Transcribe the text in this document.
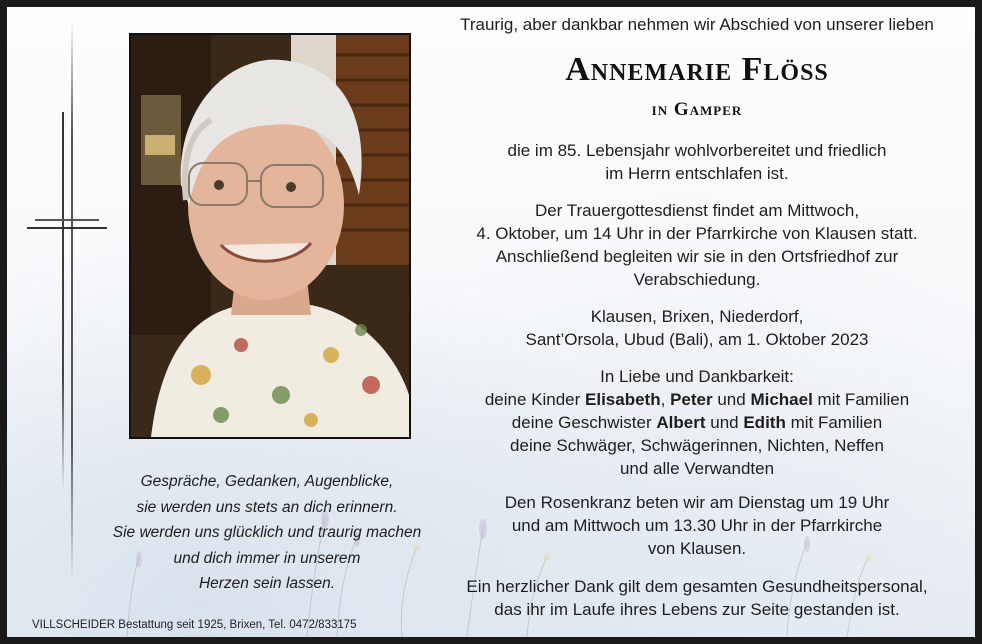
Gespräche, Gedanken, Augenblicke,
sie werden uns stets an dich erinnern.
Sie werden uns glücklich und traurig machen
und dich immer in unserem
Herzen sein lassen.
VILLSCHEIDER Bestattung seit 1925, Brixen, Tel. 0472/833175
Traurig, aber dankbar nehmen wir Abschied von unserer lieben
Annemarie Flöss
in Gamper
die im 85. Lebensjahr wohlvorbereitet und friedlich
im Herrn entschlafen ist.
Der Trauergottesdienst findet am Mittwoch,
4. Oktober, um 14 Uhr in der Pfarrkirche von Klausen statt.
Anschließend begleiten wir sie in den Ortsfriedhof zur
Verabschiedung.
Klausen, Brixen, Niederdorf,
Sant’Orsola, Ubud (Bali), am 1. Oktober 2023
In Liebe und Dankbarkeit:
deine Kinder Elisabeth, Peter und Michael mit Familien
deine Geschwister Albert und Edith mit Familien
deine Schwäger, Schwägerinnen, Nichten, Neffen
und alle Verwandten
Den Rosenkranz beten wir am Dienstag um 19 Uhr
und am Mittwoch um 13.30 Uhr in der Pfarrkirche
von Klausen.
Ein herzlicher Dank gilt dem gesamten Gesundheitspersonal,
das ihr im Laufe ihres Lebens zur Seite gestanden ist.
